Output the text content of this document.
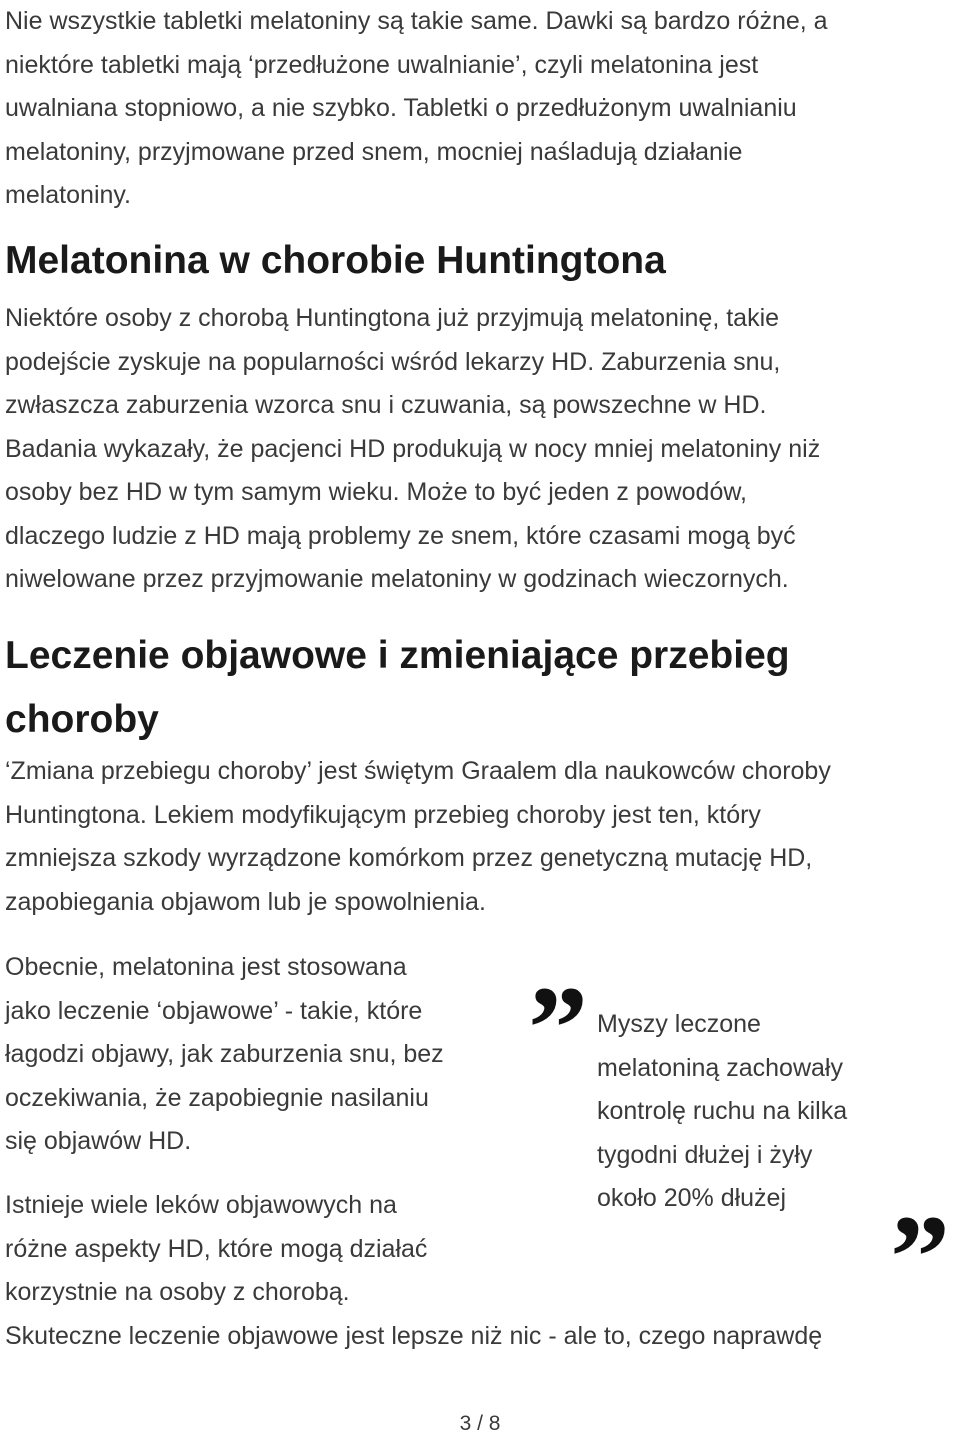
Nie wszystkie tabletki melatoniny są takie same. Dawki są bardzo różne, a
niektóre tabletki mają ‘przedłużone uwalnianie’, czyli melatonina jest
uwalniana stopniowo, a nie szybko. Tabletki o przedłużonym uwalnianiu
melatoniny, przyjmowane przed snem, mocniej naśladują działanie
melatoniny.

Melatonina w chorobie Huntingtona

Niektóre osoby z chorobą Huntingtona już przyjmują melatoninę, takie
podejście zyskuje na popularności wśród lekarzy HD. Zaburzenia snu,
zwłaszcza zaburzenia wzorca snu i czuwania, są powszechne w HD.
Badania wykazały, że pacjenci HD produkują w nocy mniej melatoniny niż
osoby bez HD w tym samym wieku. Może to być jeden z powodów,
dlaczego ludzie z HD mają problemy ze snem, które czasami mogą być
niwelowane przez przyjmowanie melatoniny w godzinach wieczornych.

Leczenie objawowe i zmieniające przebieg
choroby

‘Zmiana przebiegu choroby’ jest świętym Graalem dla naukowców choroby
Huntingtona. Lekiem modyfikującym przebieg choroby jest ten, który
zmniejsza szkody wyrządzone komórkom przez genetyczną mutację HD,
zapobiegania objawom lub je spowolnienia.

Obecnie, melatonina jest stosowana
jako leczenie ‘objawowe’ - takie, które
łagodzi objawy, jak zaburzenia snu, bez
oczekiwania, że zapobiegnie nasilaniu
się objawów HD.

Istnieje wiele leków objawowych na
różne aspekty HD, które mogą działać
korzystnie na osoby z chorobą.

Skuteczne leczenie objawowe jest lepsze niż nic - ale to, czego naprawdę

” Myszy leczone
melatoniną zachowały
kontrolę ruchu na kilka
tygodni dłużej i żyły
około 20% dłużej ”
3 / 8
